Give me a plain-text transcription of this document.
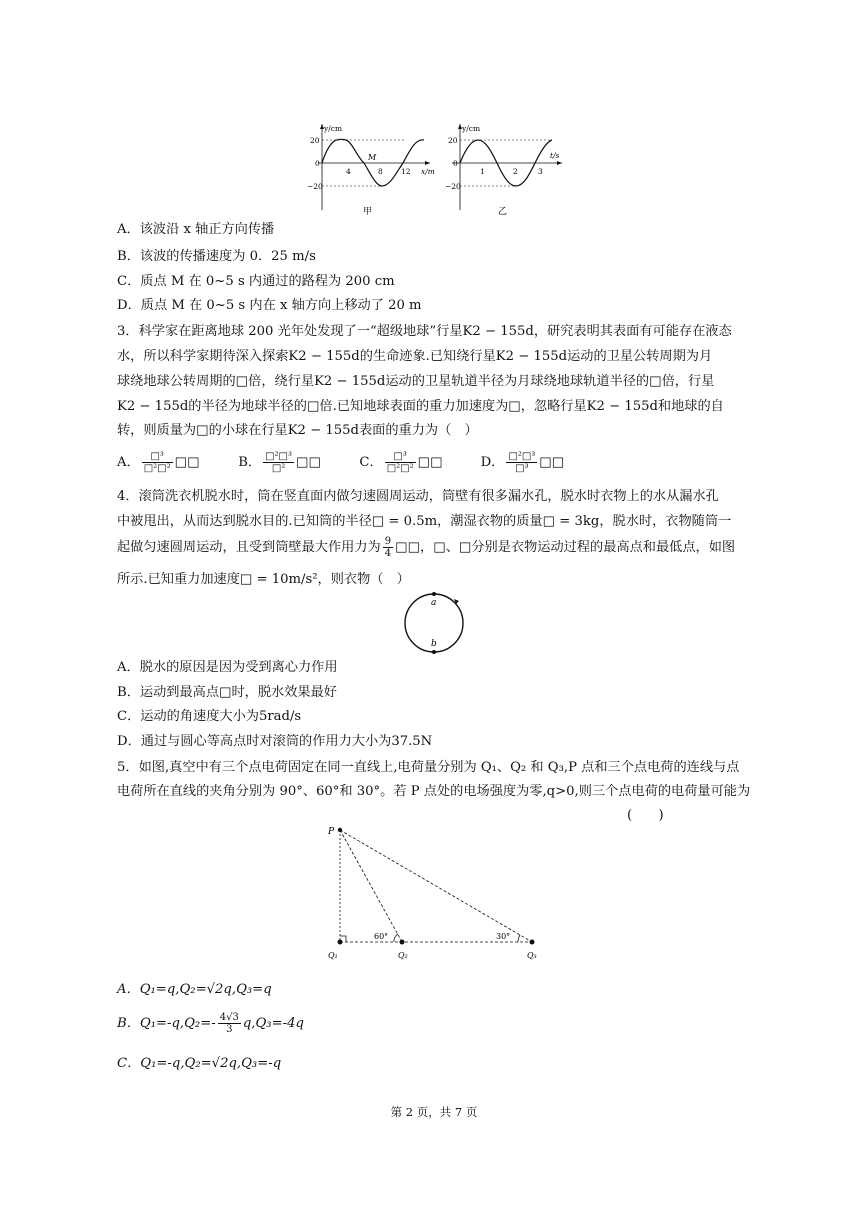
y/cm
x/m
20
0
−20
4	8 12
M
甲
y/cm
t/s
20
0
−20
1	2	3
乙
A．该波沿 x 轴正方向传播
B．该波的传播速度为 0．25 m/s
C．质点 M 在 0~5 s 内通过的路程为 200 cm
D．质点 M 在 0~5 s 内在 x 轴方向上移动了 20 m
3．科学家在距离地球 200 光年处发现了一“超级地球”行星K2 − 155d，研究表明其表面有可能存在液态
水，所以科学家期待深入探索K2 − 155d的生命迹象.已知绕行星K2 − 155d运动的卫星公转周期为月
球绕地球公转周期的□倍，绕行星K2 − 155d运动的卫星轨道半径为月球绕地球轨道半径的□倍，行星
K2 − 155d的半径为地球半径的□倍.已知地球表面的重力加速度为□，忽略行星K2 − 155d和地球的自
转，则质量为□的小球在行星K2 − 155d表面的重力为（　）
A． $\frac{\text{□³}}{\text{□²□²}}$ □□	B． $\frac{\text{□²□³}}{\text{□²}}$ □□	C． $\frac{\text{□³}}{\text{□²□²}}$ □□	D． $\frac{\text{□²□³}}{\text{□³}}$ □□
4．滚筒洗衣机脱水时，筒在竖直面内做匀速圆周运动，筒壁有很多漏水孔，脱水时衣物上的水从漏水孔
中被甩出，从而达到脱水目的.已知筒的半径□ = 0.5m，潮湿衣物的质量□ = 3kg，脱水时，衣物随筒一
起做匀速圆周运动，且受到筒壁最大作用力为 $\frac{9}{4}$ □□，□、□分别是衣物运动过程的最高点和最低点，如图
所示.已知重力加速度□ = 10m/s²，则衣物（　）
a
b
A．脱水的原因是因为受到离心力作用
B．运动到最高点□时，脱水效果最好
C．运动的角速度大小为5rad/s
D．通过与圆心等高点时对滚筒的作用力大小为37.5N
5．如图,真空中有三个点电荷固定在同一直线上,电荷量分别为 Q₁、Q₂ 和 Q₃,P 点和三个点电荷的连线与点
电荷所在直线的夹角分别为 90°、60°和 30°。若 P 点处的电场强度为零,q>0,则三个点电荷的电荷量可能为
(　　)
P
Q₁	Q₂	Q₃
60°	30°
A．Q₁=q,Q₂=√2q,Q₃=q
B．$Q_1=-q,Q_2=- \frac{4√3}{3} q,Q_3=-4q$
C．Q₁=-q,Q₂=√2q,Q₃=-q
第 2 页，共 7 页
